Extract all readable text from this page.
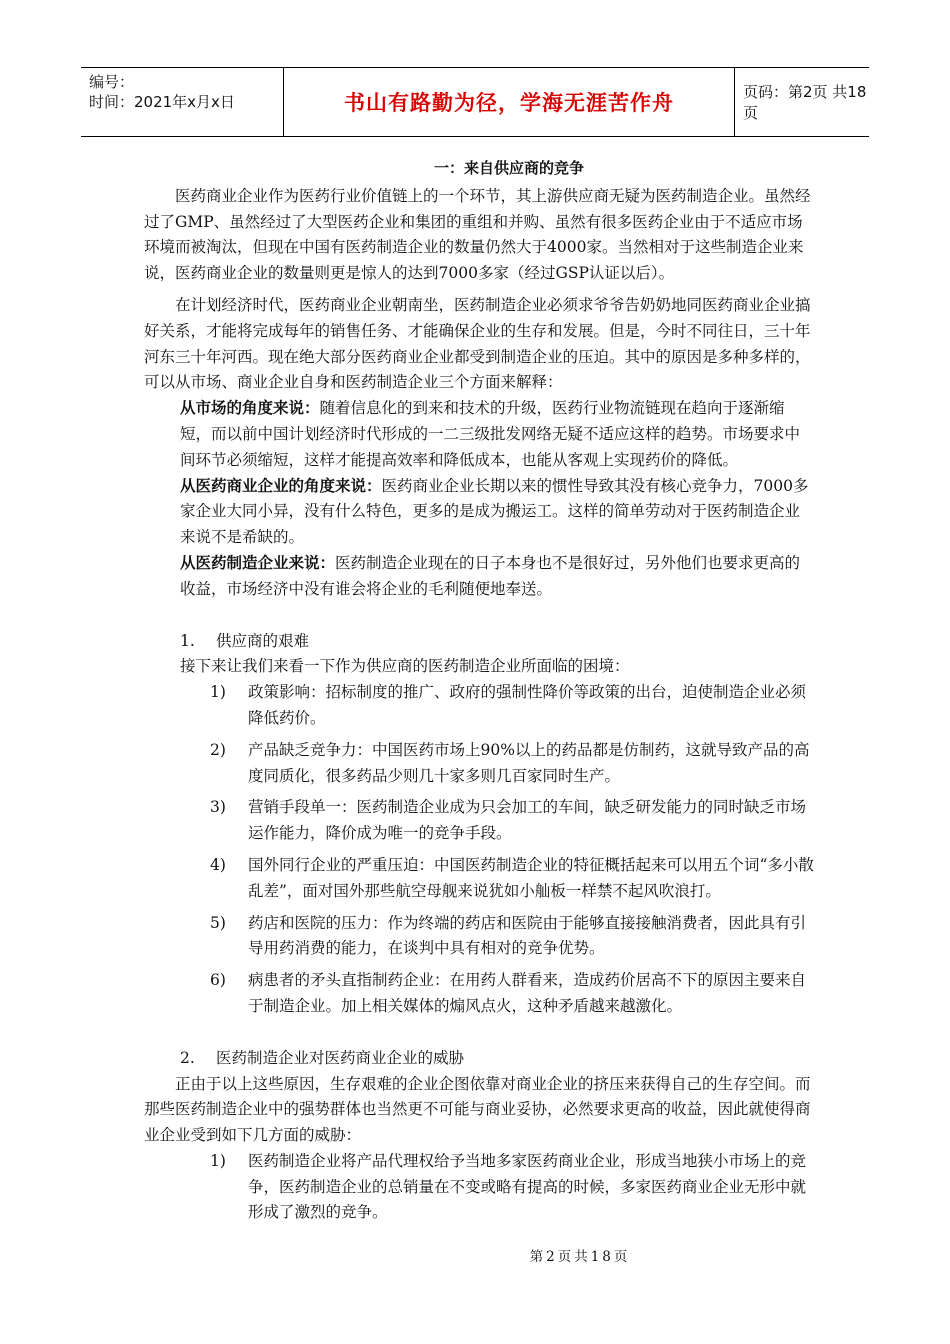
编号：
时间：2021年x月x日	书山有路勤为径，学海无涯苦作舟	页码：第2页 共18页
一：来自供应商的竞争

医药商业企业作为医药行业价值链上的一个环节，其上游供应商无疑为医药制造企业。虽然经过了GMP、虽然经过了大型医药企业和集团的重组和并购、虽然有很多医药企业由于不适应市场环境而被淘汰，但现在中国有医药制造企业的数量仍然大于4000家。当然相对于这些制造企业来说，医药商业企业的数量则更是惊人的达到7000多家（经过GSP认证以后）。

在计划经济时代，医药商业企业朝南坐，医药制造企业必须求爷爷告奶奶地同医药商业企业搞好关系，才能将完成每年的销售任务、才能确保企业的生存和发展。但是，今时不同往日，三十年河东三十年河西。现在绝大部分医药商业企业都受到制造企业的压迫。其中的原因是多种多样的，可以从市场、商业企业自身和医药制造企业三个方面来解释：

从市场的角度来说：随着信息化的到来和技术的升级，医药行业物流链现在趋向于逐渐缩短，而以前中国计划经济时代形成的一二三级批发网络无疑不适应这样的趋势。市场要求中间环节必须缩短，这样才能提高效率和降低成本，也能从客观上实现药价的降低。

从医药商业企业的角度来说：医药商业企业长期以来的惯性导致其没有核心竞争力，7000多家企业大同小异，没有什么特色，更多的是成为搬运工。这样的简单劳动对于医药制造企业来说不是希缺的。

从医药制造企业来说：医药制造企业现在的日子本身也不是很好过，另外他们也要求更高的收益，市场经济中没有谁会将企业的毛利随便地奉送。

1. 供应商的艰难

接下来让我们来看一下作为供应商的医药制造企业所面临的困境：

1) 政策影响：招标制度的推广、政府的强制性降价等政策的出台，迫使制造企业必须降低药价。

2) 产品缺乏竞争力：中国医药市场上90%以上的药品都是仿制药，这就导致产品的高度同质化，很多药品少则几十家多则几百家同时生产。

3) 营销手段单一：医药制造企业成为只会加工的车间，缺乏研发能力的同时缺乏市场运作能力，降价成为唯一的竞争手段。

4) 国外同行企业的严重压迫：中国医药制造企业的特征概括起来可以用五个词“多小散乱差”，面对国外那些航空母舰来说犹如小舢板一样禁不起风吹浪打。

5) 药店和医院的压力：作为终端的药店和医院由于能够直接接触消费者，因此具有引导用药消费的能力，在谈判中具有相对的竞争优势。

6) 病患者的矛头直指制药企业：在用药人群看来，造成药价居高不下的原因主要来自于制造企业。加上相关媒体的煽风点火，这种矛盾越来越激化。

2. 医药制造企业对医药商业企业的威胁

正由于以上这些原因，生存艰难的企业企图依靠对商业企业的挤压来获得自己的生存空间。而那些医药制造企业中的强势群体也当然更不可能与商业妥协，必然要求更高的收益，因此就使得商业企业受到如下几方面的威胁：

1) 医药制造企业将产品代理权给予当地多家医药商业企业，形成当地狭小市场上的竞争，医药制造企业的总销量在不变或略有提高的时候，多家医药商业企业无形中就形成了激烈的竞争。

第2页共18页
